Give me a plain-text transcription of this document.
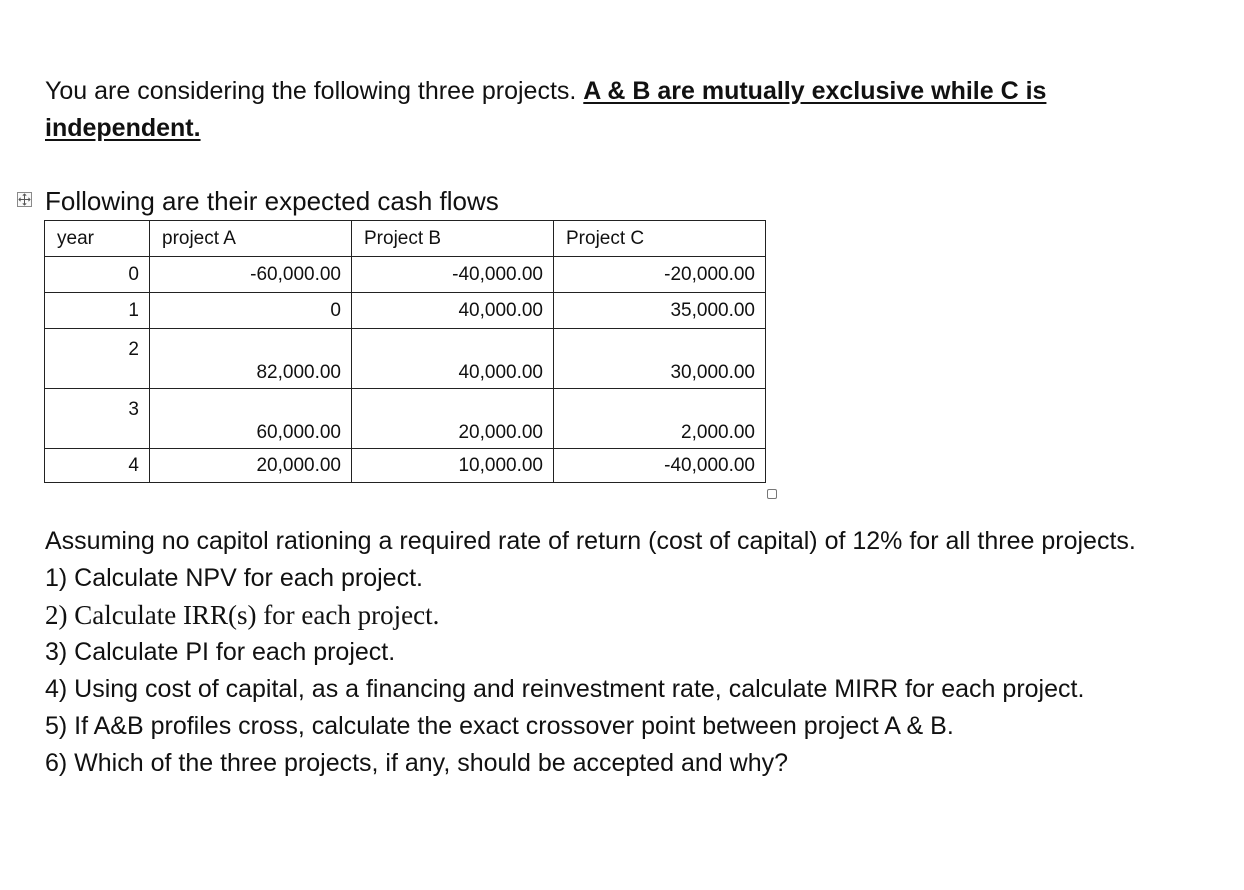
You are considering the following three projects. A & B are mutually exclusive while C is independent.

Following are their expected cash flows

year	project A	Project B	Project C
0	-60,000.00	-40,000.00	-20,000.00
1	0	40,000.00	35,000.00
2	82,000.00	40,000.00	30,000.00
3	60,000.00	20,000.00	2,000.00
4	20,000.00	10,000.00	-40,000.00

Assuming no capitol rationing a required rate of return (cost of capital) of 12% for all three projects.

1) Calculate NPV for each project.

2) Calculate IRR(s) for each project.

3) Calculate PI for each project.

4) Using cost of capital, as a financing and reinvestment rate, calculate MIRR for each project.

5) If A&B profiles cross, calculate the exact crossover point between project A & B.

6) Which of the three projects, if any, should be accepted and why?
